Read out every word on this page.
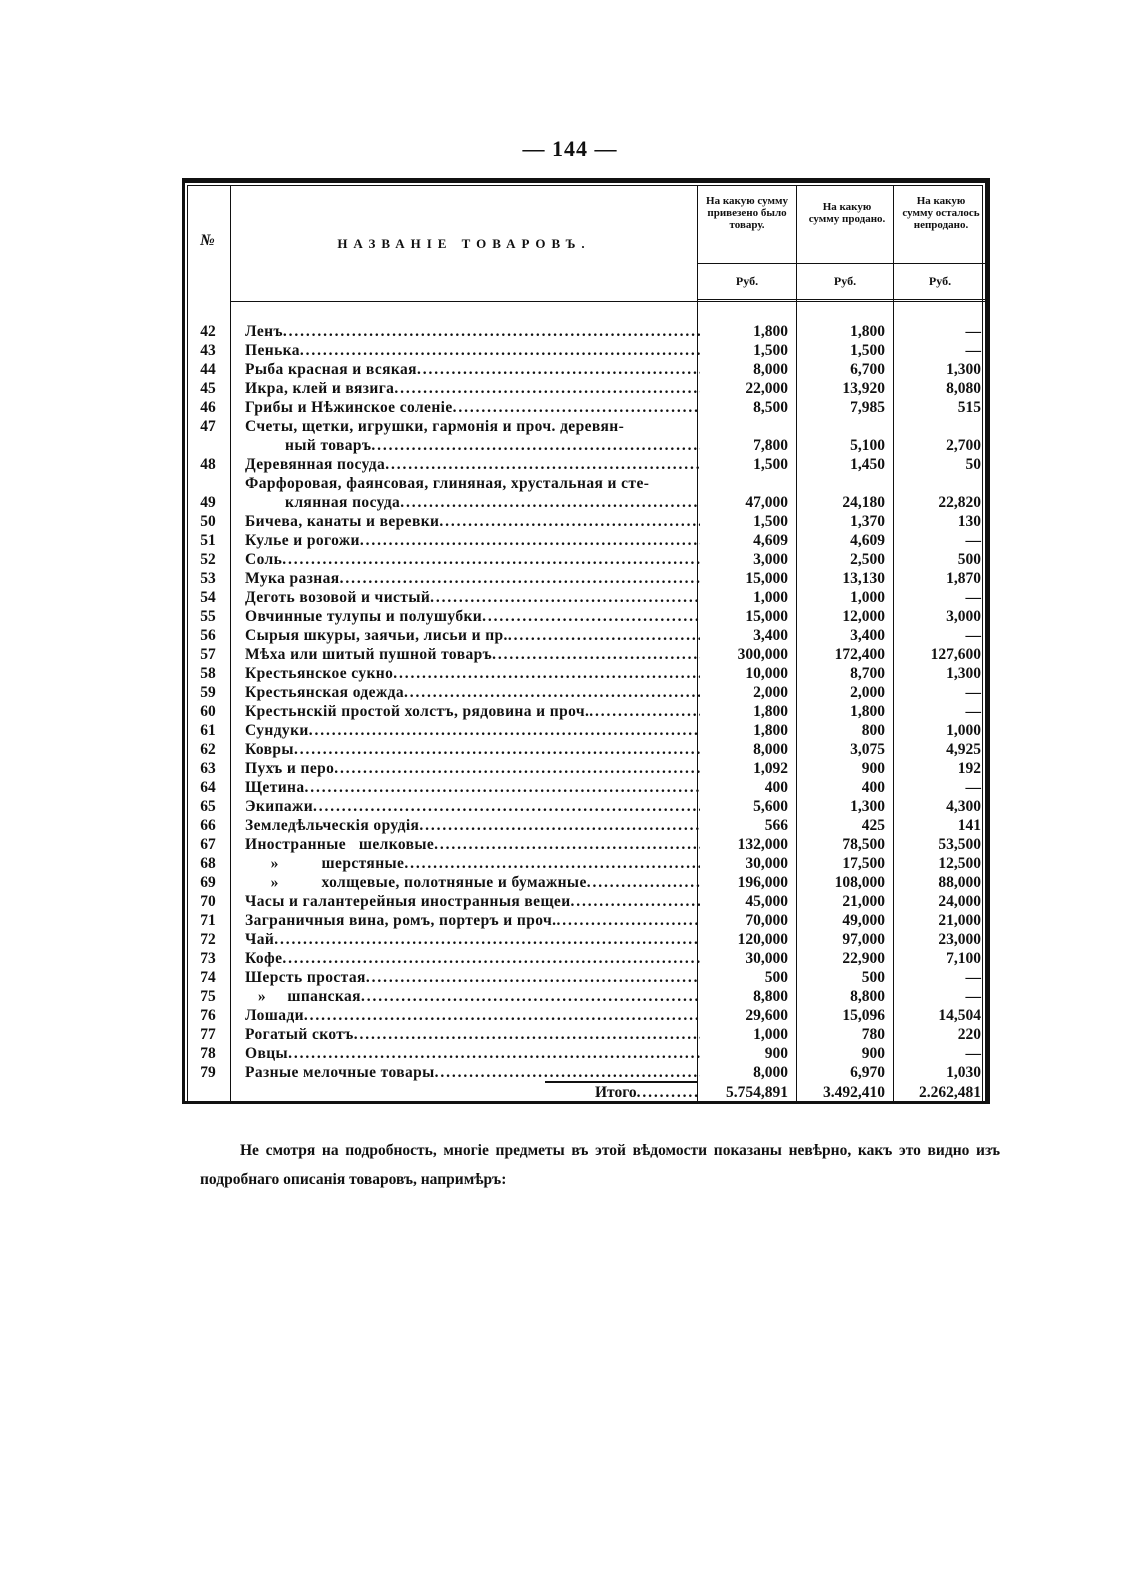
— 144 —
№	НАЗВАНІЕ ТОВАРОВЪ.
На какую сумму привезено было товару.
На какую сумму продано.
На какую сумму осталось непродано.
Руб.	Руб.	Руб.
42	Ленъ . . .	1,800	1,800	—
43	Пенька . . .	1,500	1,500	—
44	Рыба красная и всякая . . .	8,000	6,700	1,300
45	Икра, клей и вязига . . .	22,000	13,920	8,080
46	Грибы и Нѣжинское соленіе . . .	8,500	7,985	515
47	Счеты, щетки, игрушки, гармонія и проч. деревян-
ный товаръ . . .	7,800	5,100	2,700
48	Деревянная посуда . . .	1,500	1,450	50
Фарфоровая, фаянсовая, глиняная, хрустальная и сте-
49	клянная посуда . . .	47,000	24,180	22,820
50	Бичева, канаты и веревки . . .	1,500	1,370	130
51	Кулье и рогожи . . .	4,609	4,609	—
52	Соль . . .	3,000	2,500	500
53	Мука разная . . .	15,000	13,130	1,870
54	Деготь возовой и чистый . . .	1,000	1,000	—
55	Овчинные тулупы и полушубки . . .	15,000	12,000	3,000
56	Сырыя шкуры, заячьи, лисьи и пр. . . .	3,400	3,400	—
57	Мѣха или шитый пушной товаръ . . .	300,000	172,400	127,600
58	Крестьянское сукно . . .	10,000	8,700	1,300
59	Крестьянская одежда . . .	2,000	2,000	—
60	Крестьнскій простой холстъ, рядовина и проч. . . .	1,800	1,800	—
61	Сундуки . . .	1,800	800	1,000
62	Ковры . . .	8,000	3,075	4,925
63	Пухъ и перо . . .	1,092	900	192
64	Щетина . . .	400	400	—
65	Экипажи . . .	5,600	1,300	4,300
66	Земледѣльческія орудія . . .	566	425	141
67	Иностранные   шелковые . . .	132,000	78,500	53,500
68	»          шерстяные . . .	30,000	17,500	12,500
69	»          холщевые, полотняные и бумажные . . .	196,000	108,000	88,000
70	Часы и галантерейныя иностранныя вещеи . . .	45,000	21,000	24,000
71	Заграничныя вина, ромъ, портеръ и проч. . . .	70,000	49,000	21,000
72	Чай . . .	120,000	97,000	23,000
73	Кофе . . .	30,000	22,900	7,100
74	Шерсть простая . . .	500	500	—
75	»     шпанская . . .	8,800	8,800	—
76	Лошади . . .	29,600	15,096	14,504
77	Рогатый скотъ . . .	1,000	780	220
78	Овцы . . .	900	900	—
79	Разные мелочные товары . . .	8,000	6,970	1,030
Итого . . .	5.754,891	3.492,410	2.262,481

Не смотря на подробность, многіе предметы въ этой вѣдомости показаны невѣрно, какъ это видно изъ подробнаго описанія товаровъ, напримѣръ:
